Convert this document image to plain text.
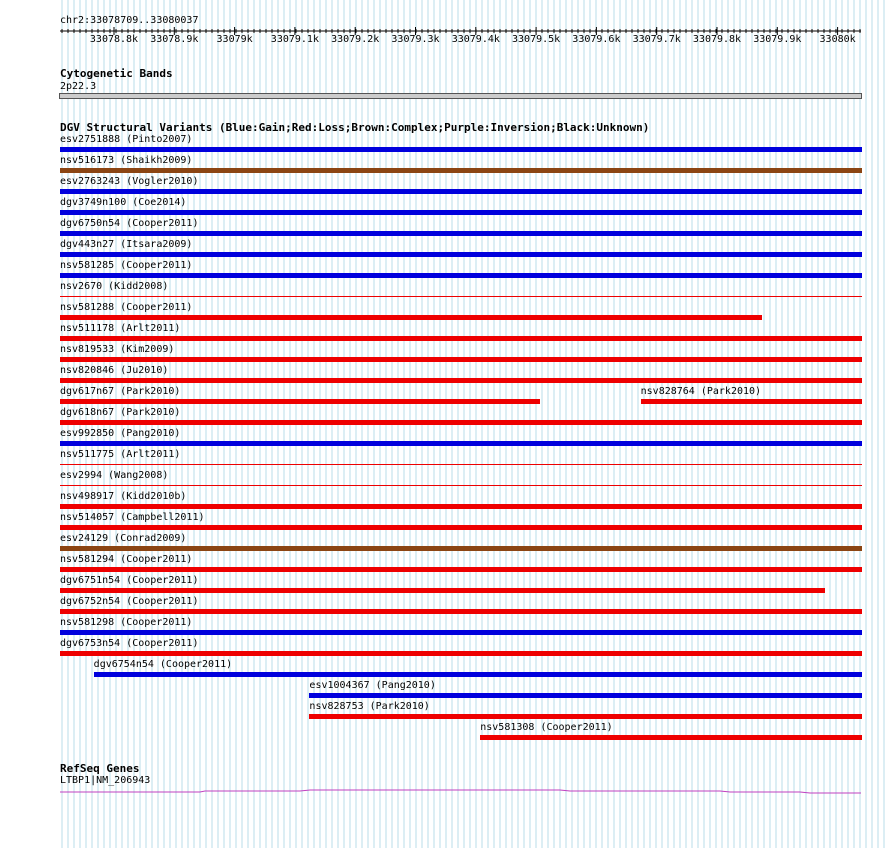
chr2:33078709..33080037
33078.8k 33078.9k 33079k 33079.1k 33079.2k 33079.3k 33079.4k 33079.5k 33079.6k 33079.7k 33079.8k 33079.9k 33080k
Cytogenetic Bands
2p22.3
DGV Structural Variants (Blue:Gain;Red:Loss;Brown:Complex;Purple:Inversion;Black:Unknown)
esv2751888 (Pinto2007)
nsv516173 (Shaikh2009)
esv2763243 (Vogler2010)
dgv3749n100 (Coe2014)
dgv6750n54 (Cooper2011)
dgv443n27 (Itsara2009)
nsv581285 (Cooper2011)
nsv2670 (Kidd2008)
nsv581288 (Cooper2011)
nsv511178 (Arlt2011)
nsv819533 (Kim2009)
nsv820846 (Ju2010)
dgv617n67 (Park2010)	nsv828764 (Park2010)
dgv618n67 (Park2010)
esv992850 (Pang2010)
nsv511775 (Arlt2011)
esv2994 (Wang2008)
nsv498917 (Kidd2010b)
nsv514057 (Campbell2011)
esv24129 (Conrad2009)
nsv581294 (Cooper2011)
dgv6751n54 (Cooper2011)
dgv6752n54 (Cooper2011)
nsv581298 (Cooper2011)
dgv6753n54 (Cooper2011)
dgv6754n54 (Cooper2011)
esv1004367 (Pang2010)
nsv828753 (Park2010)
nsv581308 (Cooper2011)
RefSeq Genes
LTBP1|NM_206943
